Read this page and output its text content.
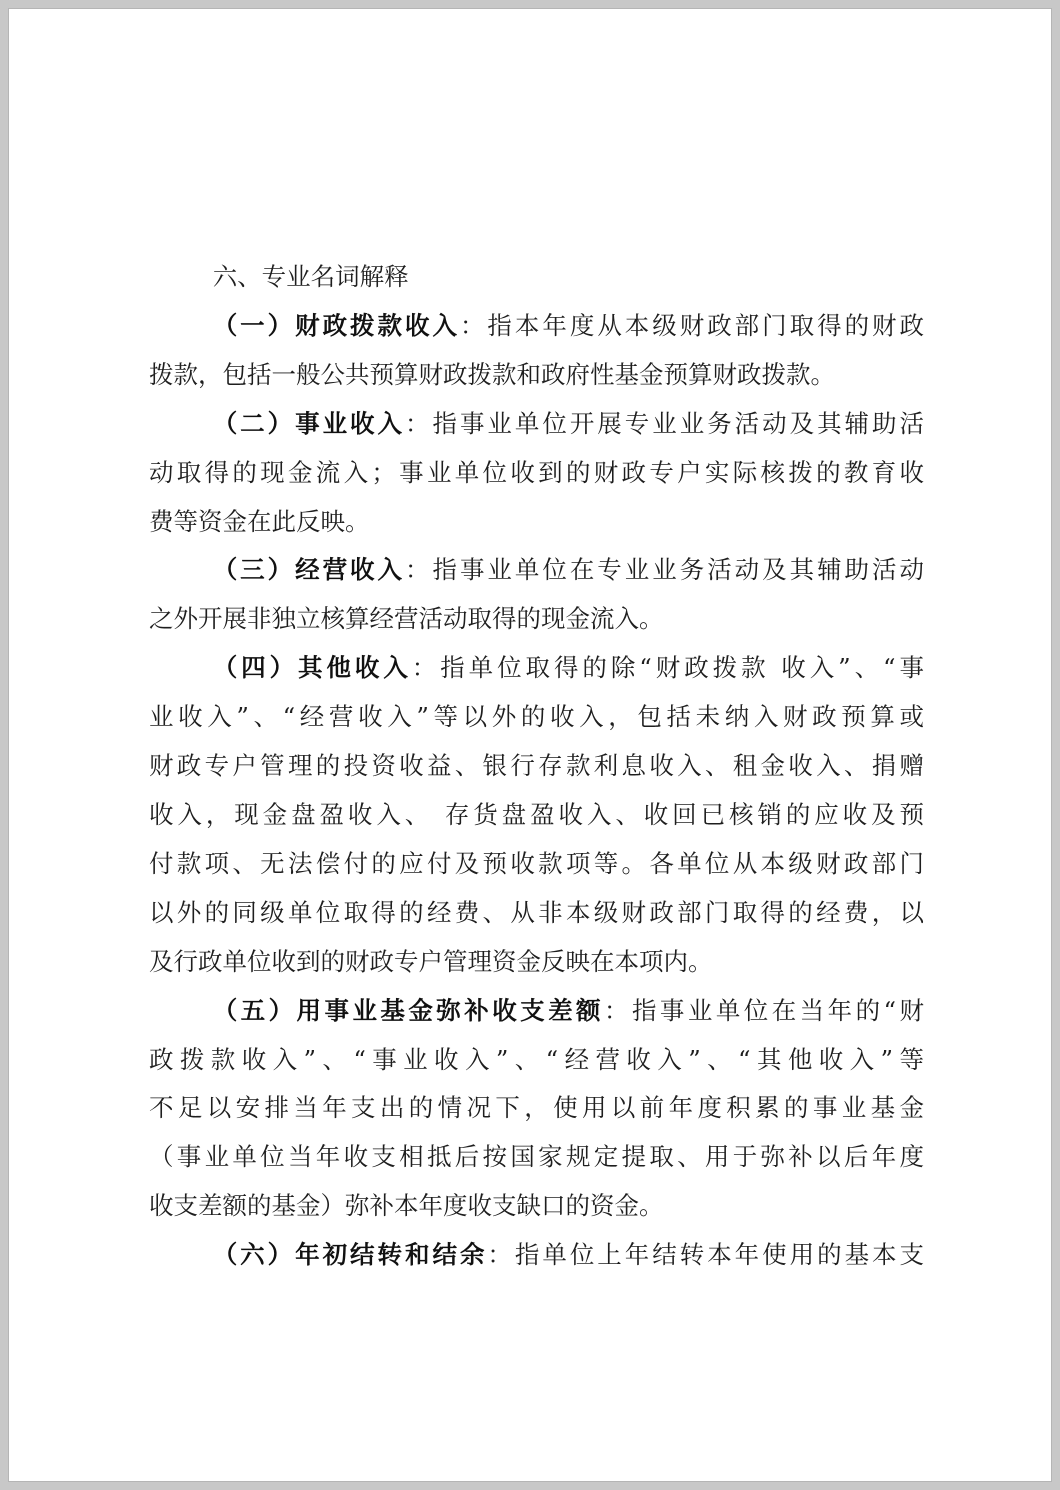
六、专业名词解释

（一）财政拨款收入：指本年度从本级财政部门取得的财政

拨款，包括一般公共预算财政拨款和政府性基金预算财政拨款。

（二）事业收入：指事业单位开展专业业务活动及其辅助活

动取得的现金流入；事业单位收到的财政专户实际核拨的教育收

费等资金在此反映。

（三）经营收入：指事业单位在专业业务活动及其辅助活动

之外开展非独立核算经营活动取得的现金流入。

（四）其他收入：指单位取得的除“财政拨款 收入”、“事

业收入”、“经营收入”等以外的收入，包括未纳入财政预算或

财政专户管理的投资收益、银行存款利息收入、租金收入、捐赠

收入，现金盘盈收入、 存货盘盈收入、收回已核销的应收及预

付款项、无法偿付的应付及预收款项等。各单位从本级财政部门

以外的同级单位取得的经费、从非本级财政部门取得的经费，以

及行政单位收到的财政专户管理资金反映在本项内。

（五）用事业基金弥补收支差额：指事业单位在当年的“财

政拨款收入”、“事业收入”、“经营收入”、“其他收入”等

不足以安排当年支出的情况下，使用以前年度积累的事业基金

（事业单位当年收支相抵后按国家规定提取、用于弥补以后年度

收支差额的基金）弥补本年度收支缺口的资金。

（六）年初结转和结余：指单位上年结转本年使用的基本支
